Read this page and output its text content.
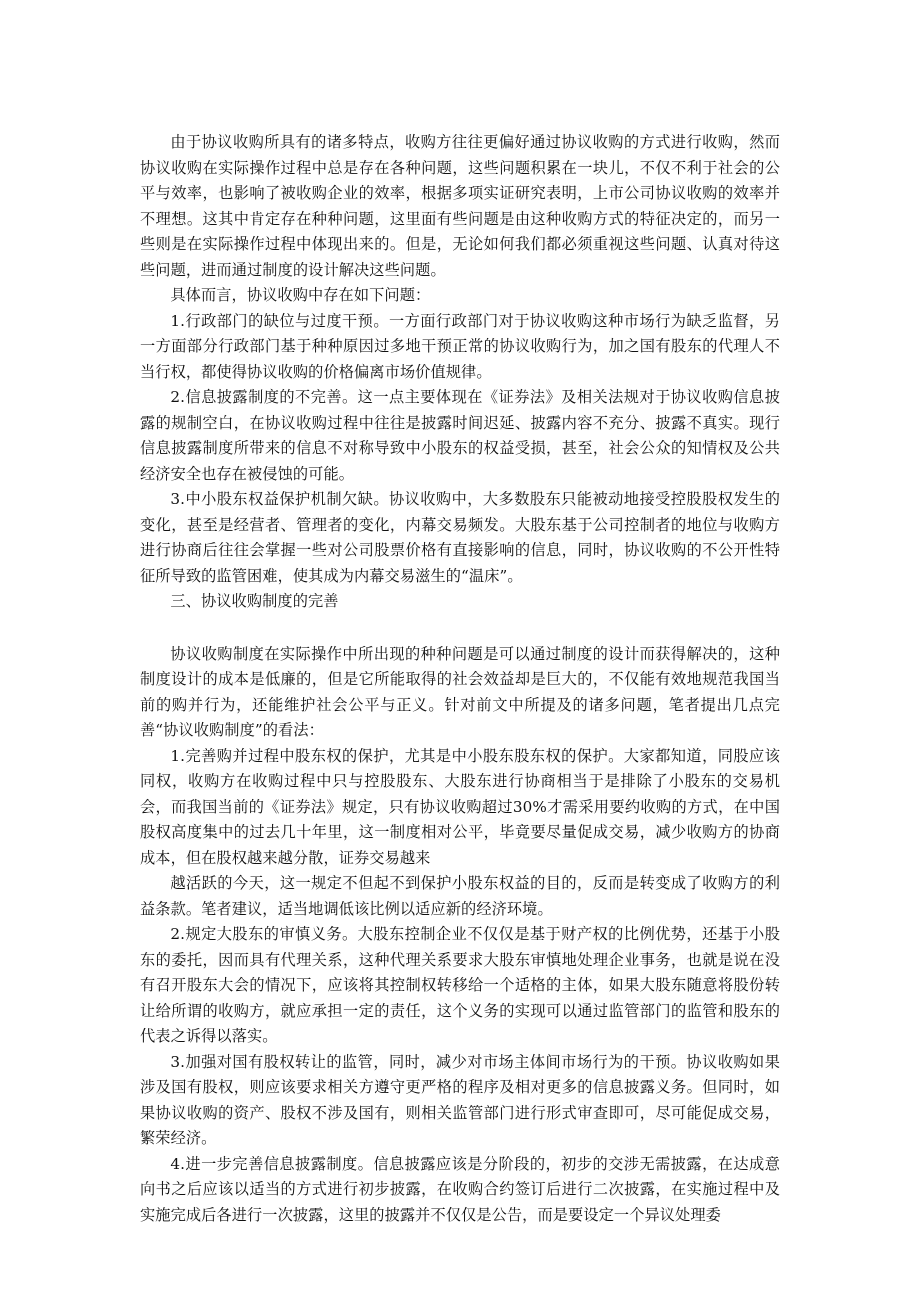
由于协议收购所具有的诸多特点，收购方往往更偏好通过协议收购的方式进行收购，然而协议收购在实际操作过程中总是存在各种问题，这些问题积累在一块儿，不仅不利于社会的公平与效率，也影响了被收购企业的效率，根据多项实证研究表明，上市公司协议收购的效率并不理想。这其中肯定存在种种问题，这里面有些问题是由这种收购方式的特征决定的，而另一些则是在实际操作过程中体现出来的。但是，无论如何我们都必须重视这些问题、认真对待这些问题，进而通过制度的设计解决这些问题。

具体而言，协议收购中存在如下问题：

1.行政部门的缺位与过度干预。一方面行政部门对于协议收购这种市场行为缺乏监督，另一方面部分行政部门基于种种原因过多地干预正常的协议收购行为，加之国有股东的代理人不当行权，都使得协议收购的价格偏离市场价值规律。

2.信息披露制度的不完善。这一点主要体现在《证券法》及相关法规对于协议收购信息披露的规制空白，在协议收购过程中往往是披露时间迟延、披露内容不充分、披露不真实。现行信息披露制度所带来的信息不对称导致中小股东的权益受损，甚至，社会公众的知情权及公共经济安全也存在被侵蚀的可能。

3.中小股东权益保护机制欠缺。协议收购中，大多数股东只能被动地接受控股股权发生的变化，甚至是经营者、管理者的变化，内幕交易频发。大股东基于公司控制者的地位与收购方进行协商后往往会掌握一些对公司股票价格有直接影响的信息，同时，协议收购的不公开性特征所导致的监管困难，使其成为内幕交易滋生的“温床”。

三、协议收购制度的完善

协议收购制度在实际操作中所出现的种种问题是可以通过制度的设计而获得解决的，这种制度设计的成本是低廉的，但是它所能取得的社会效益却是巨大的，不仅能有效地规范我国当前的购并行为，还能维护社会公平与正义。针对前文中所提及的诸多问题，笔者提出几点完善“协议收购制度”的看法：

1.完善购并过程中股东权的保护，尤其是中小股东股东权的保护。大家都知道，同股应该同权，收购方在收购过程中只与控股股东、大股东进行协商相当于是排除了小股东的交易机会，而我国当前的《证券法》规定，只有协议收购超过30%才需采用要约收购的方式，在中国股权高度集中的过去几十年里，这一制度相对公平，毕竟要尽量促成交易，减少收购方的协商成本，但在股权越来越分散，证券交易越来

越活跃的今天，这一规定不但起不到保护小股东权益的目的，反而是转变成了收购方的利益条款。笔者建议，适当地调低该比例以适应新的经济环境。

2.规定大股东的审慎义务。大股东控制企业不仅仅是基于财产权的比例优势，还基于小股东的委托，因而具有代理关系，这种代理关系要求大股东审慎地处理企业事务，也就是说在没有召开股东大会的情况下，应该将其控制权转移给一个适格的主体，如果大股东随意将股份转让给所谓的收购方，就应承担一定的责任，这个义务的实现可以通过监管部门的监管和股东的代表之诉得以落实。

3.加强对国有股权转让的监管，同时，减少对市场主体间市场行为的干预。协议收购如果涉及国有股权，则应该要求相关方遵守更严格的程序及相对更多的信息披露义务。但同时，如果协议收购的资产、股权不涉及国有，则相关监管部门进行形式审查即可，尽可能促成交易，繁荣经济。

4.进一步完善信息披露制度。信息披露应该是分阶段的，初步的交涉无需披露，在达成意向书之后应该以适当的方式进行初步披露，在收购合约签订后进行二次披露，在实施过程中及实施完成后各进行一次披露，这里的披露并不仅仅是公告，而是要设定一个异议处理委
